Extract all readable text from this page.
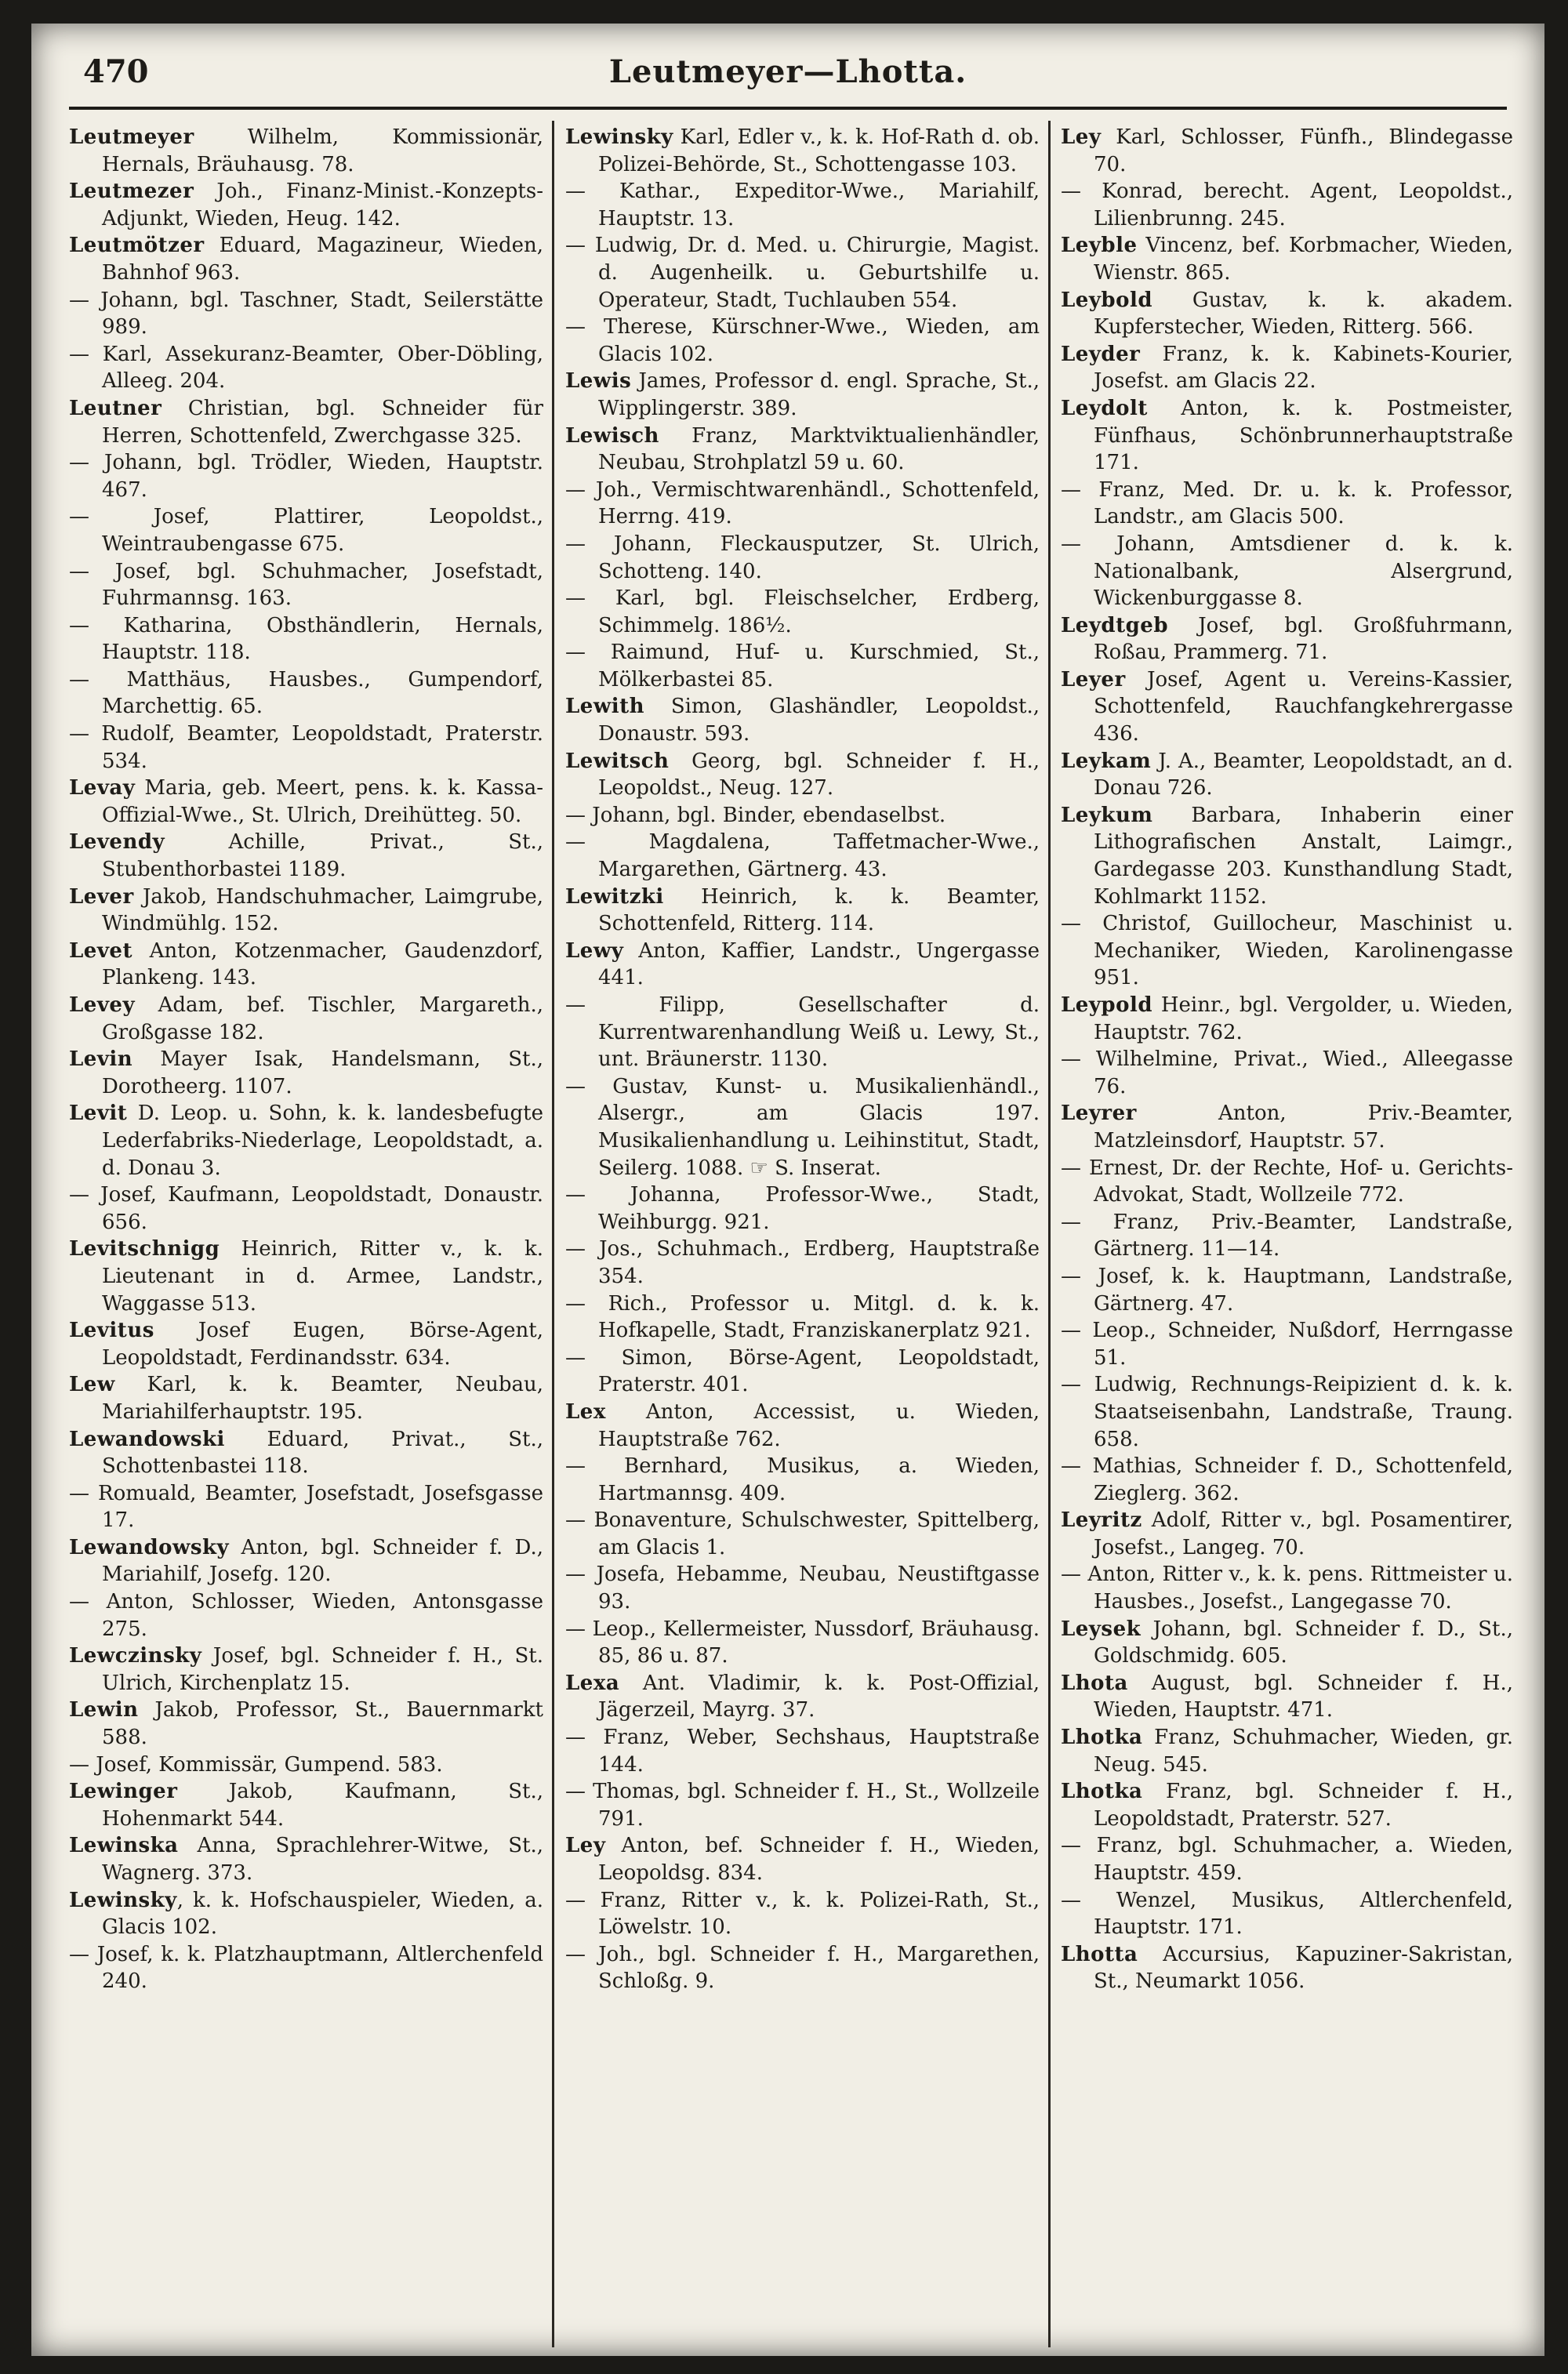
Leutmeyer—Lhotta.
470
Leutmeyer Wilhelm, Kommissionär, Hernals, Bräuhausg. 78.
Leutmezer Joh., Finanz-Minist.-Konzepts-Adjunkt, Wieden, Heug. 142.
Leutmötzer Eduard, Magazineur, Wieden, Bahnhof 963.
— Johann, bgl. Taschner, Stadt, Seilerstätte 989.
— Karl, Assekuranz-Beamter, Ober-Döbling, Alleeg. 204.
Leutner Christian, bgl. Schneider für Herren, Schottenfeld, Zwerchgasse 325.
— Johann, bgl. Trödler, Wieden, Hauptstr. 467.
— Josef, Plattirer, Leopoldst., Weintraubengasse 675.
— Josef, bgl. Schuhmacher, Josefstadt, Fuhrmannsg. 163.
— Katharina, Obsthändlerin, Hernals, Hauptstr. 118.
— Matthäus, Hausbes., Gumpendorf, Marchettig. 65.
— Rudolf, Beamter, Leopoldstadt, Praterstr. 534.
Levay Maria, geb. Meert, pens. k. k. Kassa-Offizial-Wwe., St. Ulrich, Dreihütteg. 50.
Levendy Achille, Privat., St., Stubenthorbastei 1189.
Lever Jakob, Handschuhmacher, Laimgrube, Windmühlg. 152.
Levet Anton, Kotzenmacher, Gaudenzdorf, Plankeng. 143.
Levey Adam, bef. Tischler, Margareth., Großgasse 182.
Levin Mayer Isak, Handelsmann, St., Dorotheerg. 1107.
Levit D. Leop. u. Sohn, k. k. landesbefugte Lederfabriks-Niederlage, Leopoldstadt, a. d. Donau 3.
— Josef, Kaufmann, Leopoldstadt, Donaustr. 656.
Levitschnigg Heinrich, Ritter v., k. k. Lieutenant in d. Armee, Landstr., Waggasse 513.
Levitus Josef Eugen, Börse-Agent, Leopoldstadt, Ferdinandsstr. 634.
Lew Karl, k. k. Beamter, Neubau, Mariahilferhauptstr. 195.
Lewandowski Eduard, Privat., St., Schottenbastei 118.
— Romuald, Beamter, Josefstadt, Josefsgasse 17.
Lewandowsky Anton, bgl. Schneider f. D., Mariahilf, Josefg. 120.
— Anton, Schlosser, Wieden, Antonsgasse 275.
Lewczinsky Josef, bgl. Schneider f. H., St. Ulrich, Kirchenplatz 15.
Lewin Jakob, Professor, St., Bauernmarkt 588.
— Josef, Kommissär, Gumpend. 583.
Lewinger Jakob, Kaufmann, St., Hohenmarkt 544.
Lewinska Anna, Sprachlehrer-Witwe, St., Wagnerg. 373.
Lewinsky, k. k. Hofschauspieler, Wieden, a. Glacis 102.
— Josef, k. k. Platzhauptmann, Altlerchenfeld 240.
Lewinsky Karl, Edler v., k. k. Hof-Rath d. ob. Polizei-Behörde, St., Schottengasse 103.
— Kathar., Expeditor-Wwe., Mariahilf, Hauptstr. 13.
— Ludwig, Dr. d. Med. u. Chirurgie, Magist. d. Augenheilk. u. Geburtshilfe u. Operateur, Stadt, Tuchlauben 554.
— Therese, Kürschner-Wwe., Wieden, am Glacis 102.
Lewis James, Professor d. engl. Sprache, St., Wipplingerstr. 389.
Lewisch Franz, Marktviktualienhändler, Neubau, Strohplatzl 59 u. 60.
— Joh., Vermischtwarenhändl., Schottenfeld, Herrng. 419.
— Johann, Fleckausputzer, St. Ulrich, Schotteng. 140.
— Karl, bgl. Fleischselcher, Erdberg, Schimmelg. 186½.
— Raimund, Huf- u. Kurschmied, St., Mölkerbastei 85.
Lewith Simon, Glashändler, Leopoldst., Donaustr. 593.
Lewitsch Georg, bgl. Schneider f. H., Leopoldst., Neug. 127.
— Johann, bgl. Binder, ebendaselbst.
— Magdalena, Taffetmacher-Wwe., Margarethen, Gärtnerg. 43.
Lewitzki Heinrich, k. k. Beamter, Schottenfeld, Ritterg. 114.
Lewy Anton, Kaffier, Landstr., Ungergasse 441.
— Filipp, Gesellschafter d. Kurrentwarenhandlung Weiß u. Lewy, St., unt. Bräunerstr. 1130.
— Gustav, Kunst- u. Musikalienhändl., Alsergr., am Glacis 197. Musikalienhandlung u. Leihinstitut, Stadt, Seilerg. 1088. ☞ S. Inserat.
— Johanna, Professor-Wwe., Stadt, Weihburgg. 921.
— Jos., Schuhmach., Erdberg, Hauptstraße 354.
— Rich., Professor u. Mitgl. d. k. k. Hofkapelle, Stadt, Franziskanerplatz 921.
— Simon, Börse-Agent, Leopoldstadt, Praterstr. 401.
Lex Anton, Accessist, u. Wieden, Hauptstraße 762.
— Bernhard, Musikus, a. Wieden, Hartmannsg. 409.
— Bonaventure, Schulschwester, Spittelberg, am Glacis 1.
— Josefa, Hebamme, Neubau, Neustiftgasse 93.
— Leop., Kellermeister, Nussdorf, Bräuhausg. 85, 86 u. 87.
Lexa Ant. Vladimir, k. k. Post-Offizial, Jägerzeil, Mayrg. 37.
— Franz, Weber, Sechshaus, Hauptstraße 144.
— Thomas, bgl. Schneider f. H., St., Wollzeile 791.
Ley Anton, bef. Schneider f. H., Wieden, Leopoldsg. 834.
— Franz, Ritter v., k. k. Polizei-Rath, St., Löwelstr. 10.
— Joh., bgl. Schneider f. H., Margarethen, Schloßg. 9.
Ley Karl, Schlosser, Fünfh., Blindegasse 70.
— Konrad, berecht. Agent, Leopoldst., Lilienbrunng. 245.
Leyble Vincenz, bef. Korbmacher, Wieden, Wienstr. 865.
Leybold Gustav, k. k. akadem. Kupferstecher, Wieden, Ritterg. 566.
Leyder Franz, k. k. Kabinets-Kourier, Josefst. am Glacis 22.
Leydolt Anton, k. k. Postmeister, Fünfhaus, Schönbrunnerhauptstraße 171.
— Franz, Med. Dr. u. k. k. Professor, Landstr., am Glacis 500.
— Johann, Amtsdiener d. k. k. Nationalbank, Alsergrund, Wickenburggasse 8.
Leydtgeb Josef, bgl. Großfuhrmann, Roßau, Prammerg. 71.
Leyer Josef, Agent u. Vereins-Kassier, Schottenfeld, Rauchfangkehrergasse 436.
Leykam J. A., Beamter, Leopoldstadt, an d. Donau 726.
Leykum Barbara, Inhaberin einer Lithografischen Anstalt, Laimgr., Gardegasse 203. Kunsthandlung Stadt, Kohlmarkt 1152.
— Christof, Guillocheur, Maschinist u. Mechaniker, Wieden, Karolinengasse 951.
Leypold Heinr., bgl. Vergolder, u. Wieden, Hauptstr. 762.
— Wilhelmine, Privat., Wied., Alleegasse 76.
Leyrer Anton, Priv.-Beamter, Matzleinsdorf, Hauptstr. 57.
— Ernest, Dr. der Rechte, Hof- u. Gerichts-Advokat, Stadt, Wollzeile 772.
— Franz, Priv.-Beamter, Landstraße, Gärtnerg. 11—14.
— Josef, k. k. Hauptmann, Landstraße, Gärtnerg. 47.
— Leop., Schneider, Nußdorf, Herrngasse 51.
— Ludwig, Rechnungs-Reipizient d. k. k. Staatseisenbahn, Landstraße, Traung. 658.
— Mathias, Schneider f. D., Schottenfeld, Zieglerg. 362.
Leyritz Adolf, Ritter v., bgl. Posamentirer, Josefst., Langeg. 70.
— Anton, Ritter v., k. k. pens. Rittmeister u. Hausbes., Josefst., Langegasse 70.
Leysek Johann, bgl. Schneider f. D., St., Goldschmidg. 605.
Lhota August, bgl. Schneider f. H., Wieden, Hauptstr. 471.
Lhotka Franz, Schuhmacher, Wieden, gr. Neug. 545.
Lhotka Franz, bgl. Schneider f. H., Leopoldstadt, Praterstr. 527.
— Franz, bgl. Schuhmacher, a. Wieden, Hauptstr. 459.
— Wenzel, Musikus, Altlerchenfeld, Hauptstr. 171.
Lhotta Accursius, Kapuziner-Sakristan, St., Neumarkt 1056.
